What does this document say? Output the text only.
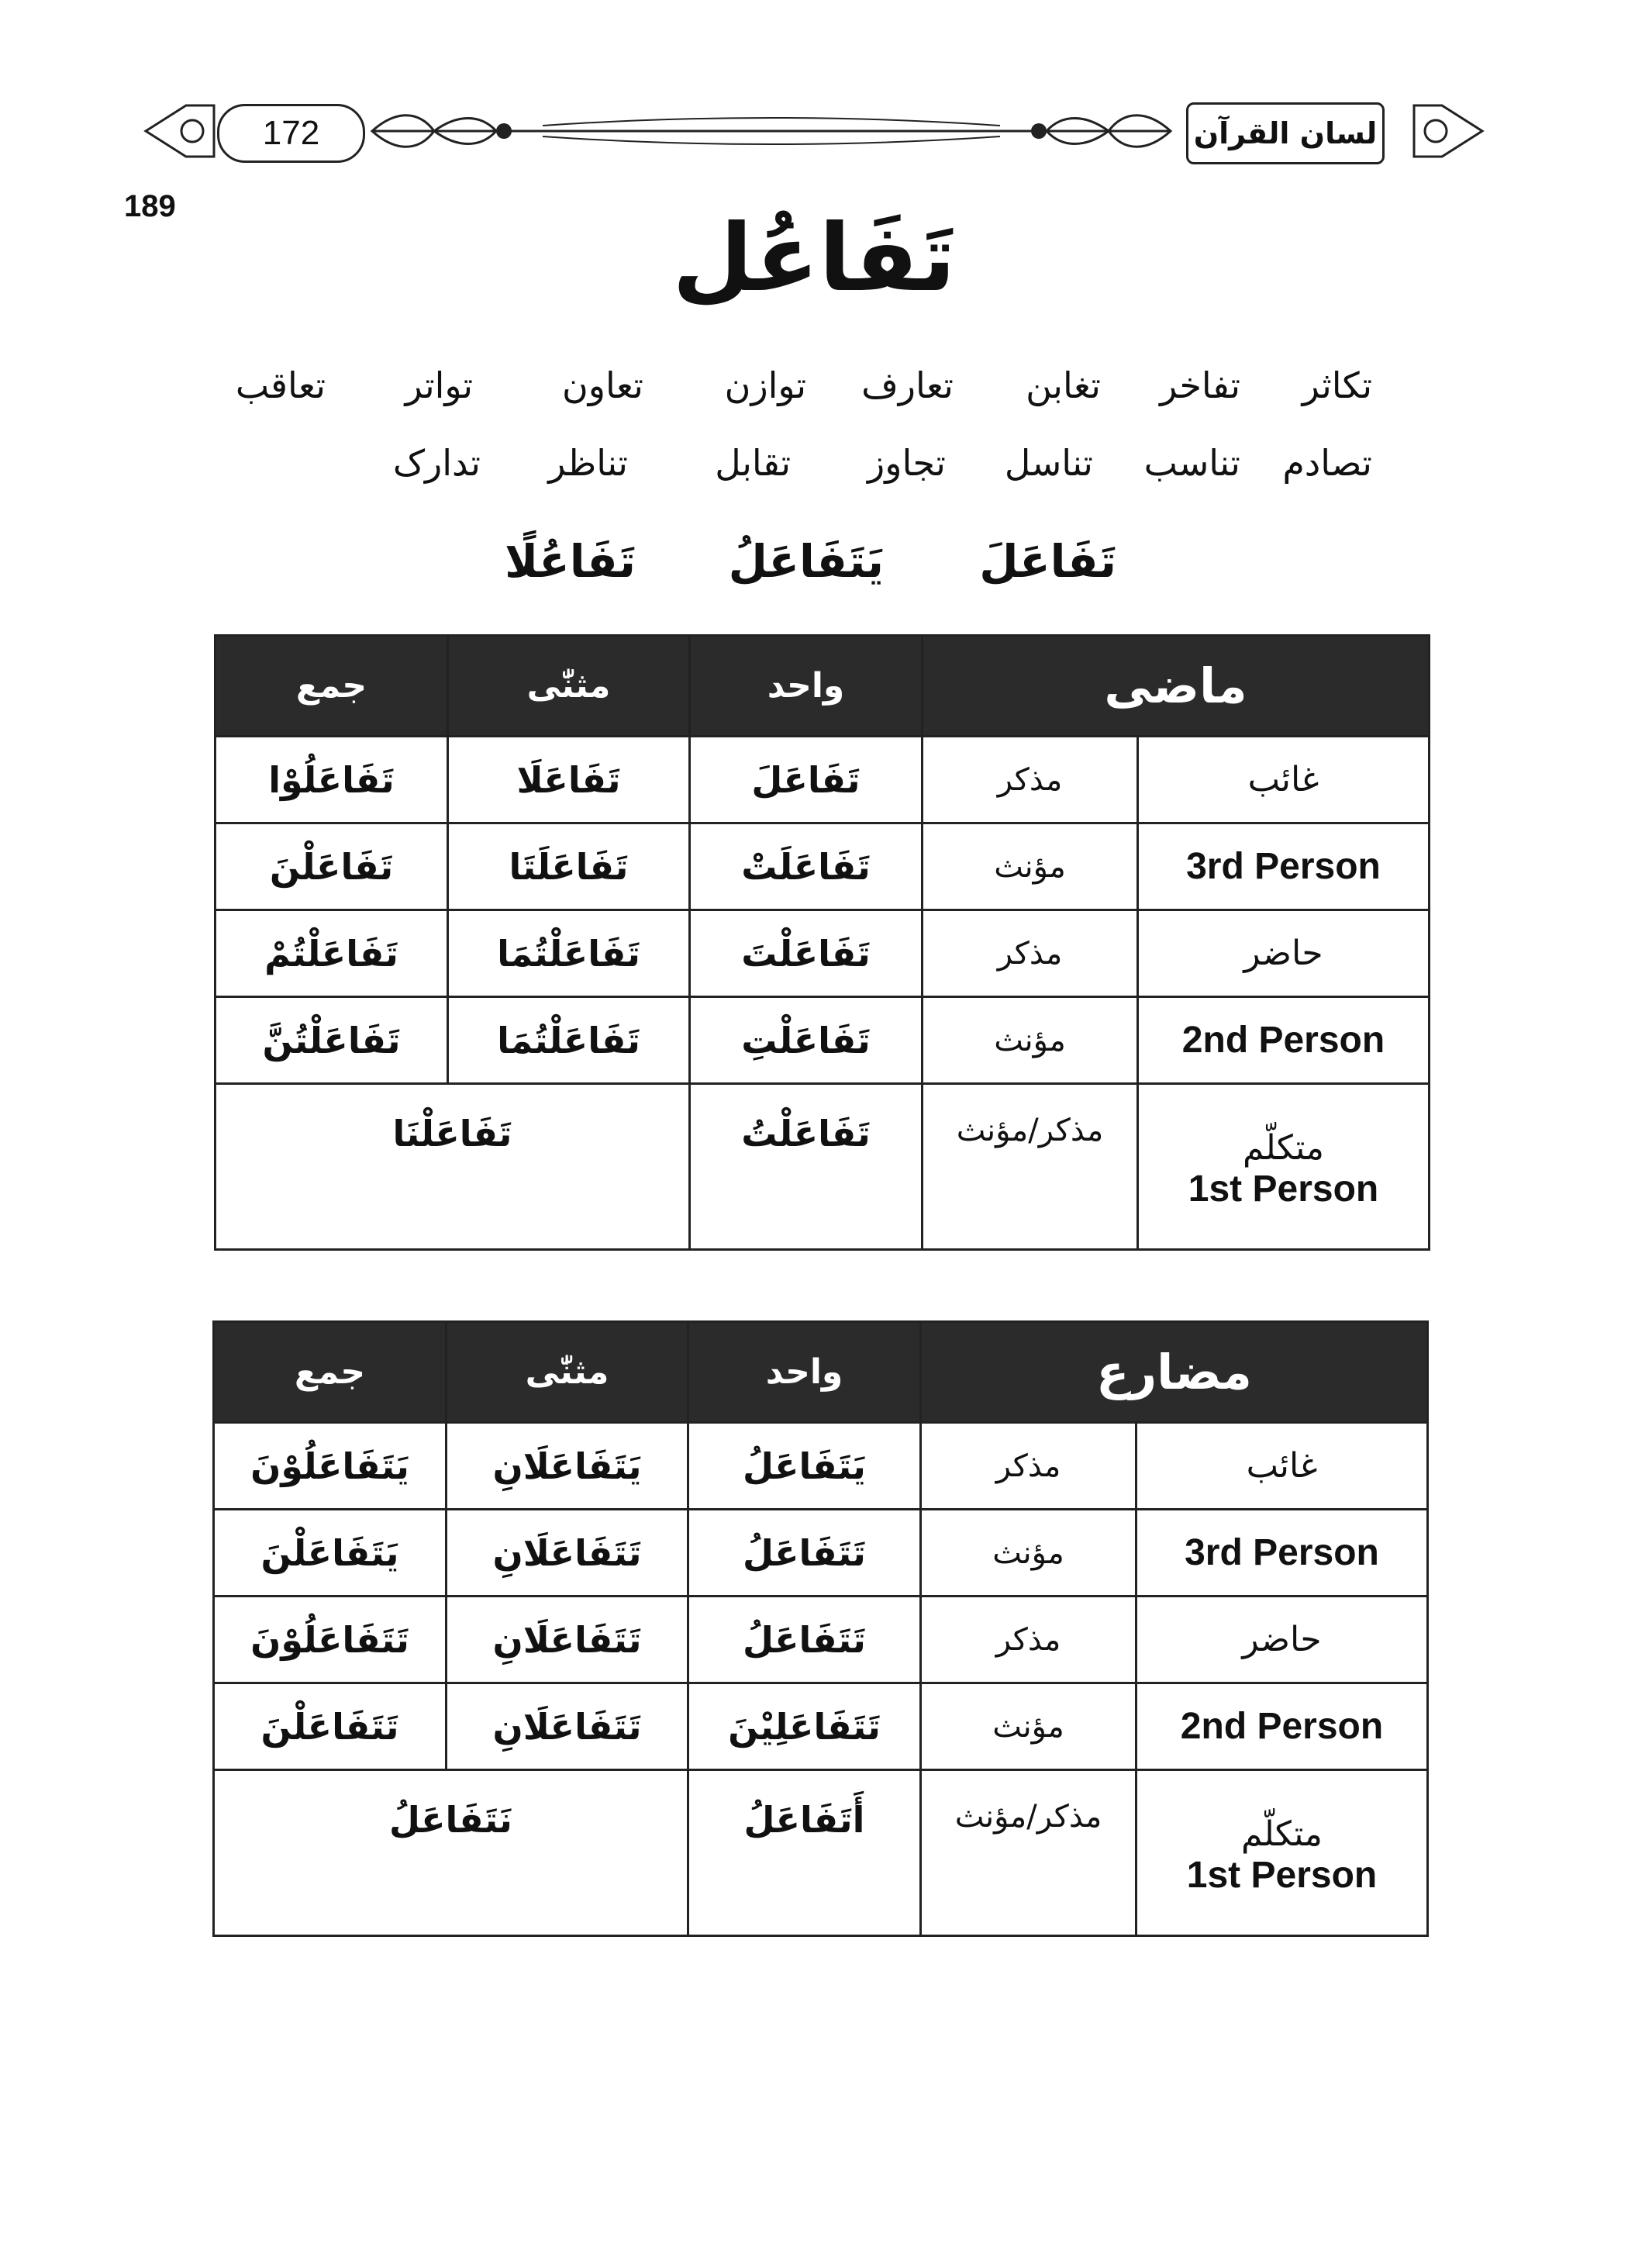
172	لسان القرآن
189	تَفَاعُل
تکاثر
تفاخر
تغابن
تعارف
توازن
تعاون
تواتر
تعاقب
تصادم
تناسب
تناسل
تجاوز
تقابل
تناظر
تدارک
تَفَاعَلَ
يَتَفَاعَلُ
تَفَاعُلًا
جمع	مثنّٰی	واحد	ماضی	
تَفَاعَلُوْا	تَفَاعَلَا	تَفَاعَلَ	مذکر	غائب
تَفَاعَلْنَ	تَفَاعَلَتَا	تَفَاعَلَتْ	مؤنث	3rd Person
تَفَاعَلْتُمْ	تَفَاعَلْتُمَا	تَفَاعَلْتَ	مذکر	حاضر
تَفَاعَلْتُنَّ	تَفَاعَلْتُمَا	تَفَاعَلْتِ	مؤنث	2nd Person
تَفَاعَلْنَا		تَفَاعَلْتُ	مذکر/مؤنث	متکلّم
1st Person
جمع	مثنّٰی	واحد	مضارع	
يَتَفَاعَلُوْنَ	يَتَفَاعَلَانِ	يَتَفَاعَلُ	مذکر	غائب
يَتَفَاعَلْنَ	تَتَفَاعَلَانِ	تَتَفَاعَلُ	مؤنث	3rd Person
تَتَفَاعَلُوْنَ	تَتَفَاعَلَانِ	تَتَفَاعَلُ	مذکر	حاضر
تَتَفَاعَلْنَ	تَتَفَاعَلَانِ	تَتَفَاعَلِيْنَ	مؤنث	2nd Person
نَتَفَاعَلُ		أَتَفَاعَلُ	مذکر/مؤنث	متکلّم
1st Person
